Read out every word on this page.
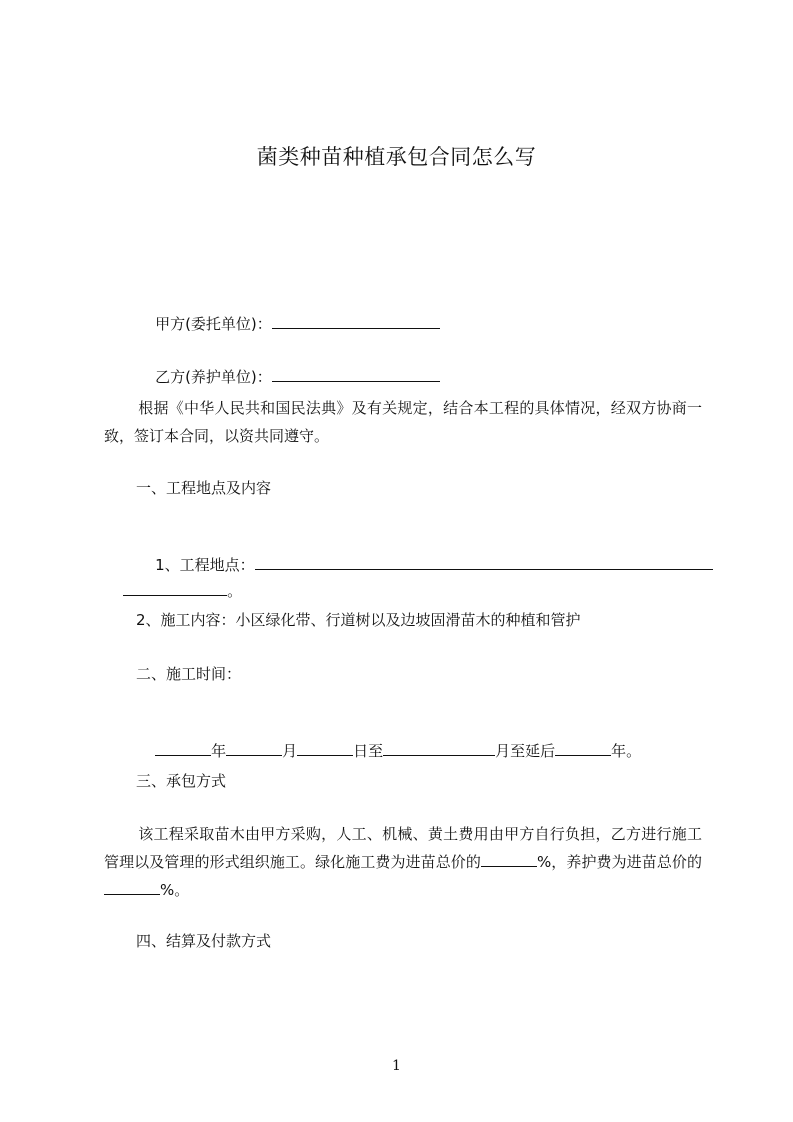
菌类种苗种植承包合同怎么写

甲方(委托单位)：

乙方(养护单位)：

根据《中华人民共和国民法典》及有关规定，结合本工程的具体情况，经双方协商一致，签订本合同，以资共同遵守。
一、工程地点及内容

1、工程地点：

。

2、施工内容：小区绿化带、行道树以及边坡固滑苗木的种植和管护
二、施工时间：

年	月	日至	月至延后	年。

三、承包方式
该工程采取苗木由甲方采购，人工、机械、黄土费用由甲方自行负担，乙方进行施工管理以及管理的形式组织施工。绿化施工费为进苗总价的	%，养护费为进苗总价的%。
四、结算及付款方式
1
